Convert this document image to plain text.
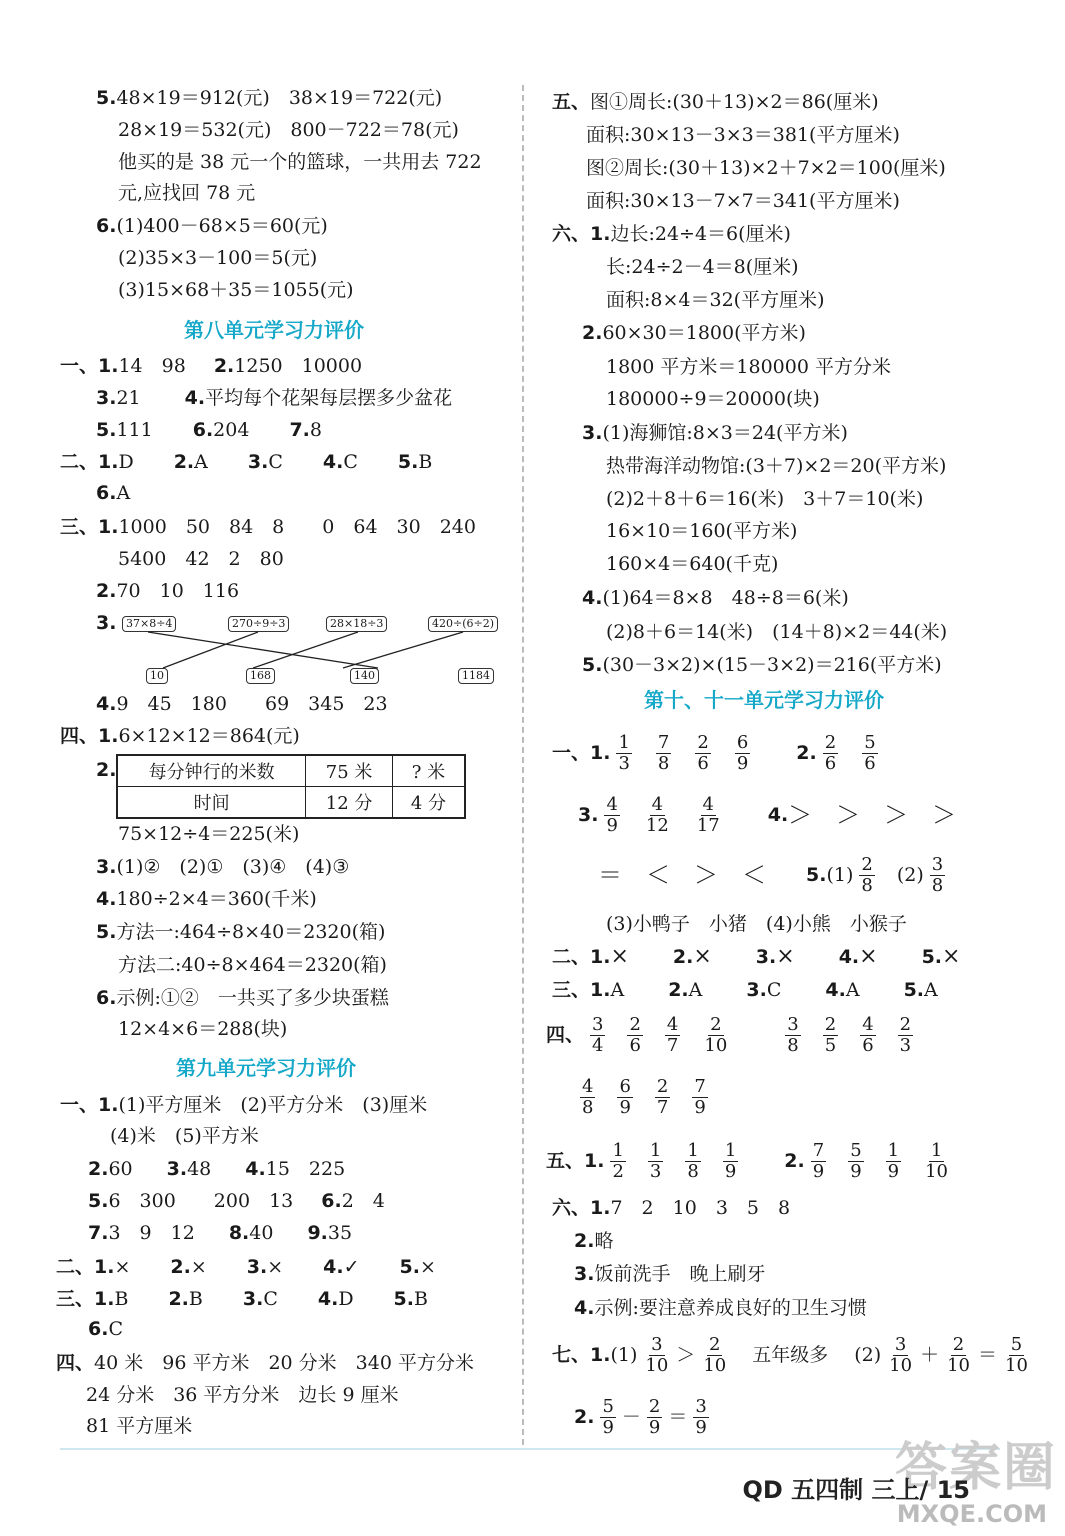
5.48×19＝912(元)　38×19＝722(元)
28×19＝532(元)　800－722＝78(元)
他买的是 38 元一个的篮球，一共用去 722
元,应找回 78 元
6.(1)400－68×5＝60(元)
(2)35×3－100＝5(元)
(3)15×68＋35＝1055(元)
第八单元学习力评价
一、1.14　98 2.1250　10000
3.21 4.平均每个花架每层摆多少盆花
5.111 6.204 7.8
二、1.D 2.A 3.C 4.C 5.B
6.A
三、1.1000　50　84　8　　0　64　30　240
5400　42　2　80
2.70　10　116
3. 37×8÷4	270÷9÷3	28×18÷3	420÷(6÷2)
10	168	140	1184
4.9　45　180　　69　345　23
四、1.6×12×12＝864(元)
2. 每分钟行的米数	75 米	? 米
时间	12 分	4 分
75×12÷4＝225(米)
3.(1)②　(2)①　(3)④　(4)③
4.180÷2×4＝360(千米)
5.方法一:464÷8×40＝2320(箱)
方法二:40÷8×464＝2320(箱)
6.示例:①②　一共买了多少块蛋糕
12×4×6＝288(块)
第九单元学习力评价
一、1.(1)平方厘米　(2)平方分米　(3)厘米
(4)米　(5)平方米
2.60 3.48 4.15　225
5.6　300　　200　13 6.2　4
7.3　9　12 8.40 9.35
二、1.× 2.× 3.× 4.✓ 5.×
三、1.B 2.B 3.C 4.D 5.B
6.C
四、40 米　96 平方米　20 分米　340 平方分米
24 分米　36 平方分米　边长 9 厘米
81 平方厘米
五、图①周长:(30＋13)×2＝86(厘米)
面积:30×13－3×3＝381(平方厘米)
图②周长:(30＋13)×2＋7×2＝100(厘米)
面积:30×13－7×7＝341(平方厘米)
六、1.边长:24÷4＝6(厘米)
长:24÷2－4＝8(厘米)
面积:8×4＝32(平方厘米)
2.60×30＝1800(平方米)
1800 平方米＝180000 平方分米
180000÷9＝20000(块)
3.(1)海狮馆:8×3＝24(平方米)
热带海洋动物馆:(3＋7)×2＝20(平方米)
(2)2＋8＋6＝16(米)　3＋7＝10(米)
16×10＝160(平方米)
160×4＝640(千克)
4.(1)64＝8×8　48÷8＝6(米)
(2)8＋6＝14(米)　(14＋8)×2＝44(米)
5.(30－3×2)×(15－3×2)＝216(平方米)
第十、十一单元学习力评价
一、 1. $\frac{1}{3} \frac{7}{8} \frac{2}{6} \frac{6}{9} 2$. $\frac{2}{6} \frac{5}{6}$
3. $\frac{4}{9} \frac{4}{12} \frac{4}{17} 4$. ＞　＞　＞　＞
＝　＜　＞　＜ 5. $(1) \frac{2}{8} (2) \frac{3}{8}$
(3)小鸭子　小猪　(4)小熊　小猴子
二、1.× 2.× 3.× 4.× 5.×
三、1.A 2.A 3.C 4.A 5.A
四、 $\frac{3}{4} \frac{2}{6} \frac{4}{7} \frac{2}{10}$	$\frac{3}{8} \frac{2}{5} \frac{4}{6} \frac{2}{3}$
$\frac{4}{8} \frac{6}{9} \frac{2}{7} \frac{7}{9}$
五、 1. $\frac{1}{2} \frac{1}{3} \frac{1}{8} \frac{1}{9} 2$. $\frac{7}{9} \frac{5}{9} \frac{1}{9} \frac{1}{10}$
六、1.7　2　10　3　5　8
2.略
3.饭前洗手　晚上刷牙
4.示例:要注意养成良好的卫生习惯
七、 1. $(1) \frac{3}{10} > \frac{2}{10}$ 五年级多 $(2) \frac{3}{10} + \frac{2}{10} = \frac{5}{10}$
2. $\frac{5}{9} - \frac{2}{9} = \frac{3}{9}$
答案圈
QD 五四制 三上/ 15
MXQE.COM
